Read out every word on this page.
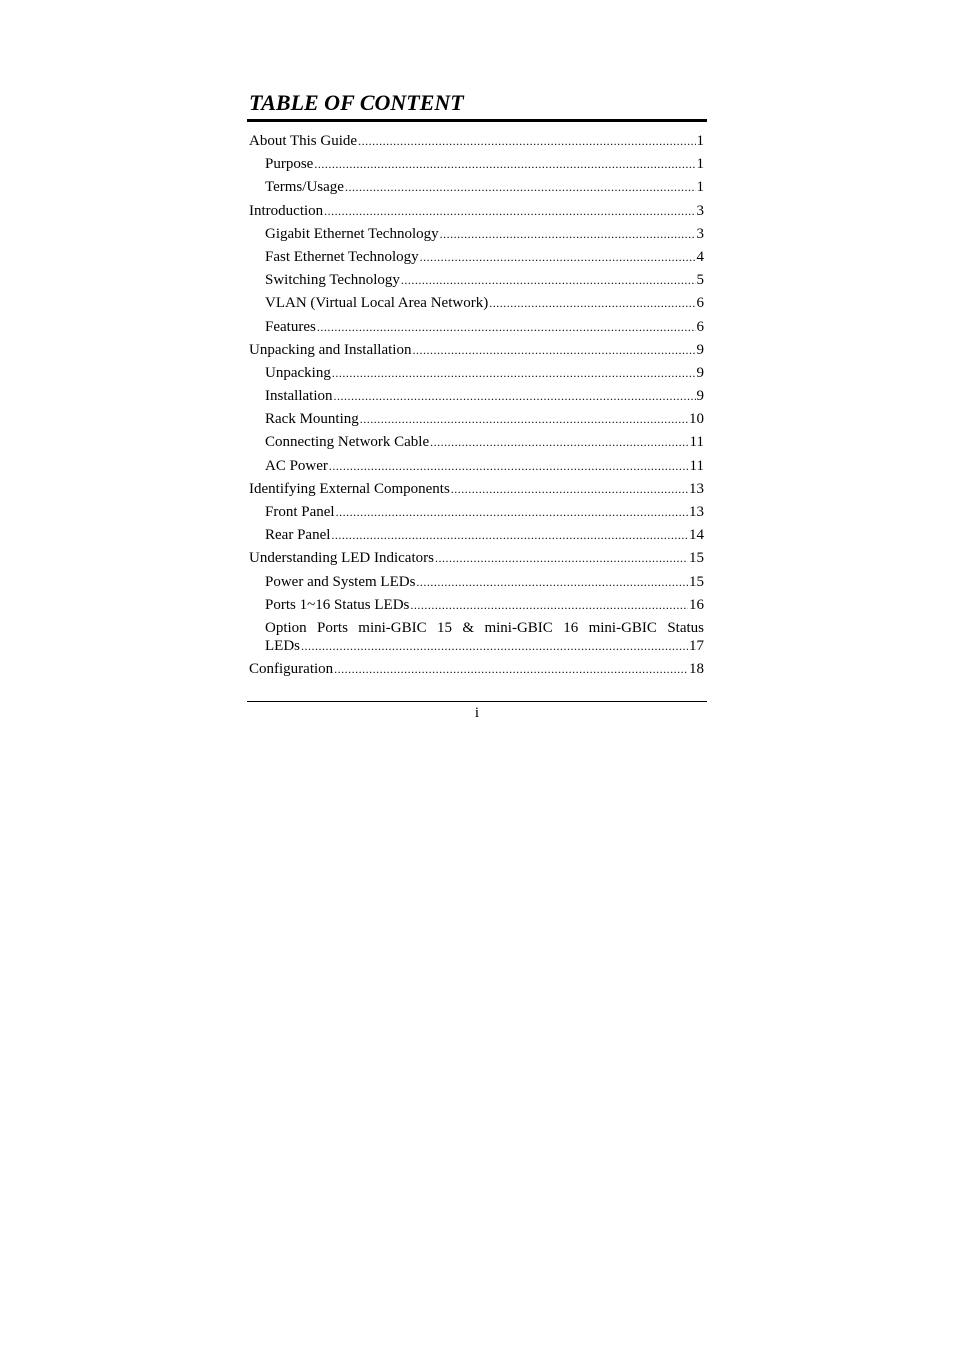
TABLE OF CONTENT
About This Guide .....	1
Purpose .....	1
Terms/Usage .....	1
Introduction .....	3
Gigabit Ethernet Technology .....	3
Fast Ethernet Technology .....	4
Switching Technology .....	5
VLAN (Virtual Local Area Network) .....	6
Features .....	6
Unpacking and Installation .....	9
Unpacking .....	9
Installation .....	9
Rack Mounting .....	10
Connecting Network Cable .....	11
AC Power .....	11
Identifying External Components .....	13
Front Panel .....	13
Rear Panel .....	14
Understanding LED Indicators .....	15
Power and System LEDs .....	15
Ports 1~16 Status LEDs .....	16
Option Ports mini-GBIC 15 & mini-GBIC 16 mini-GBIC Status
LEDs .....	17
Configuration .....	18
i
